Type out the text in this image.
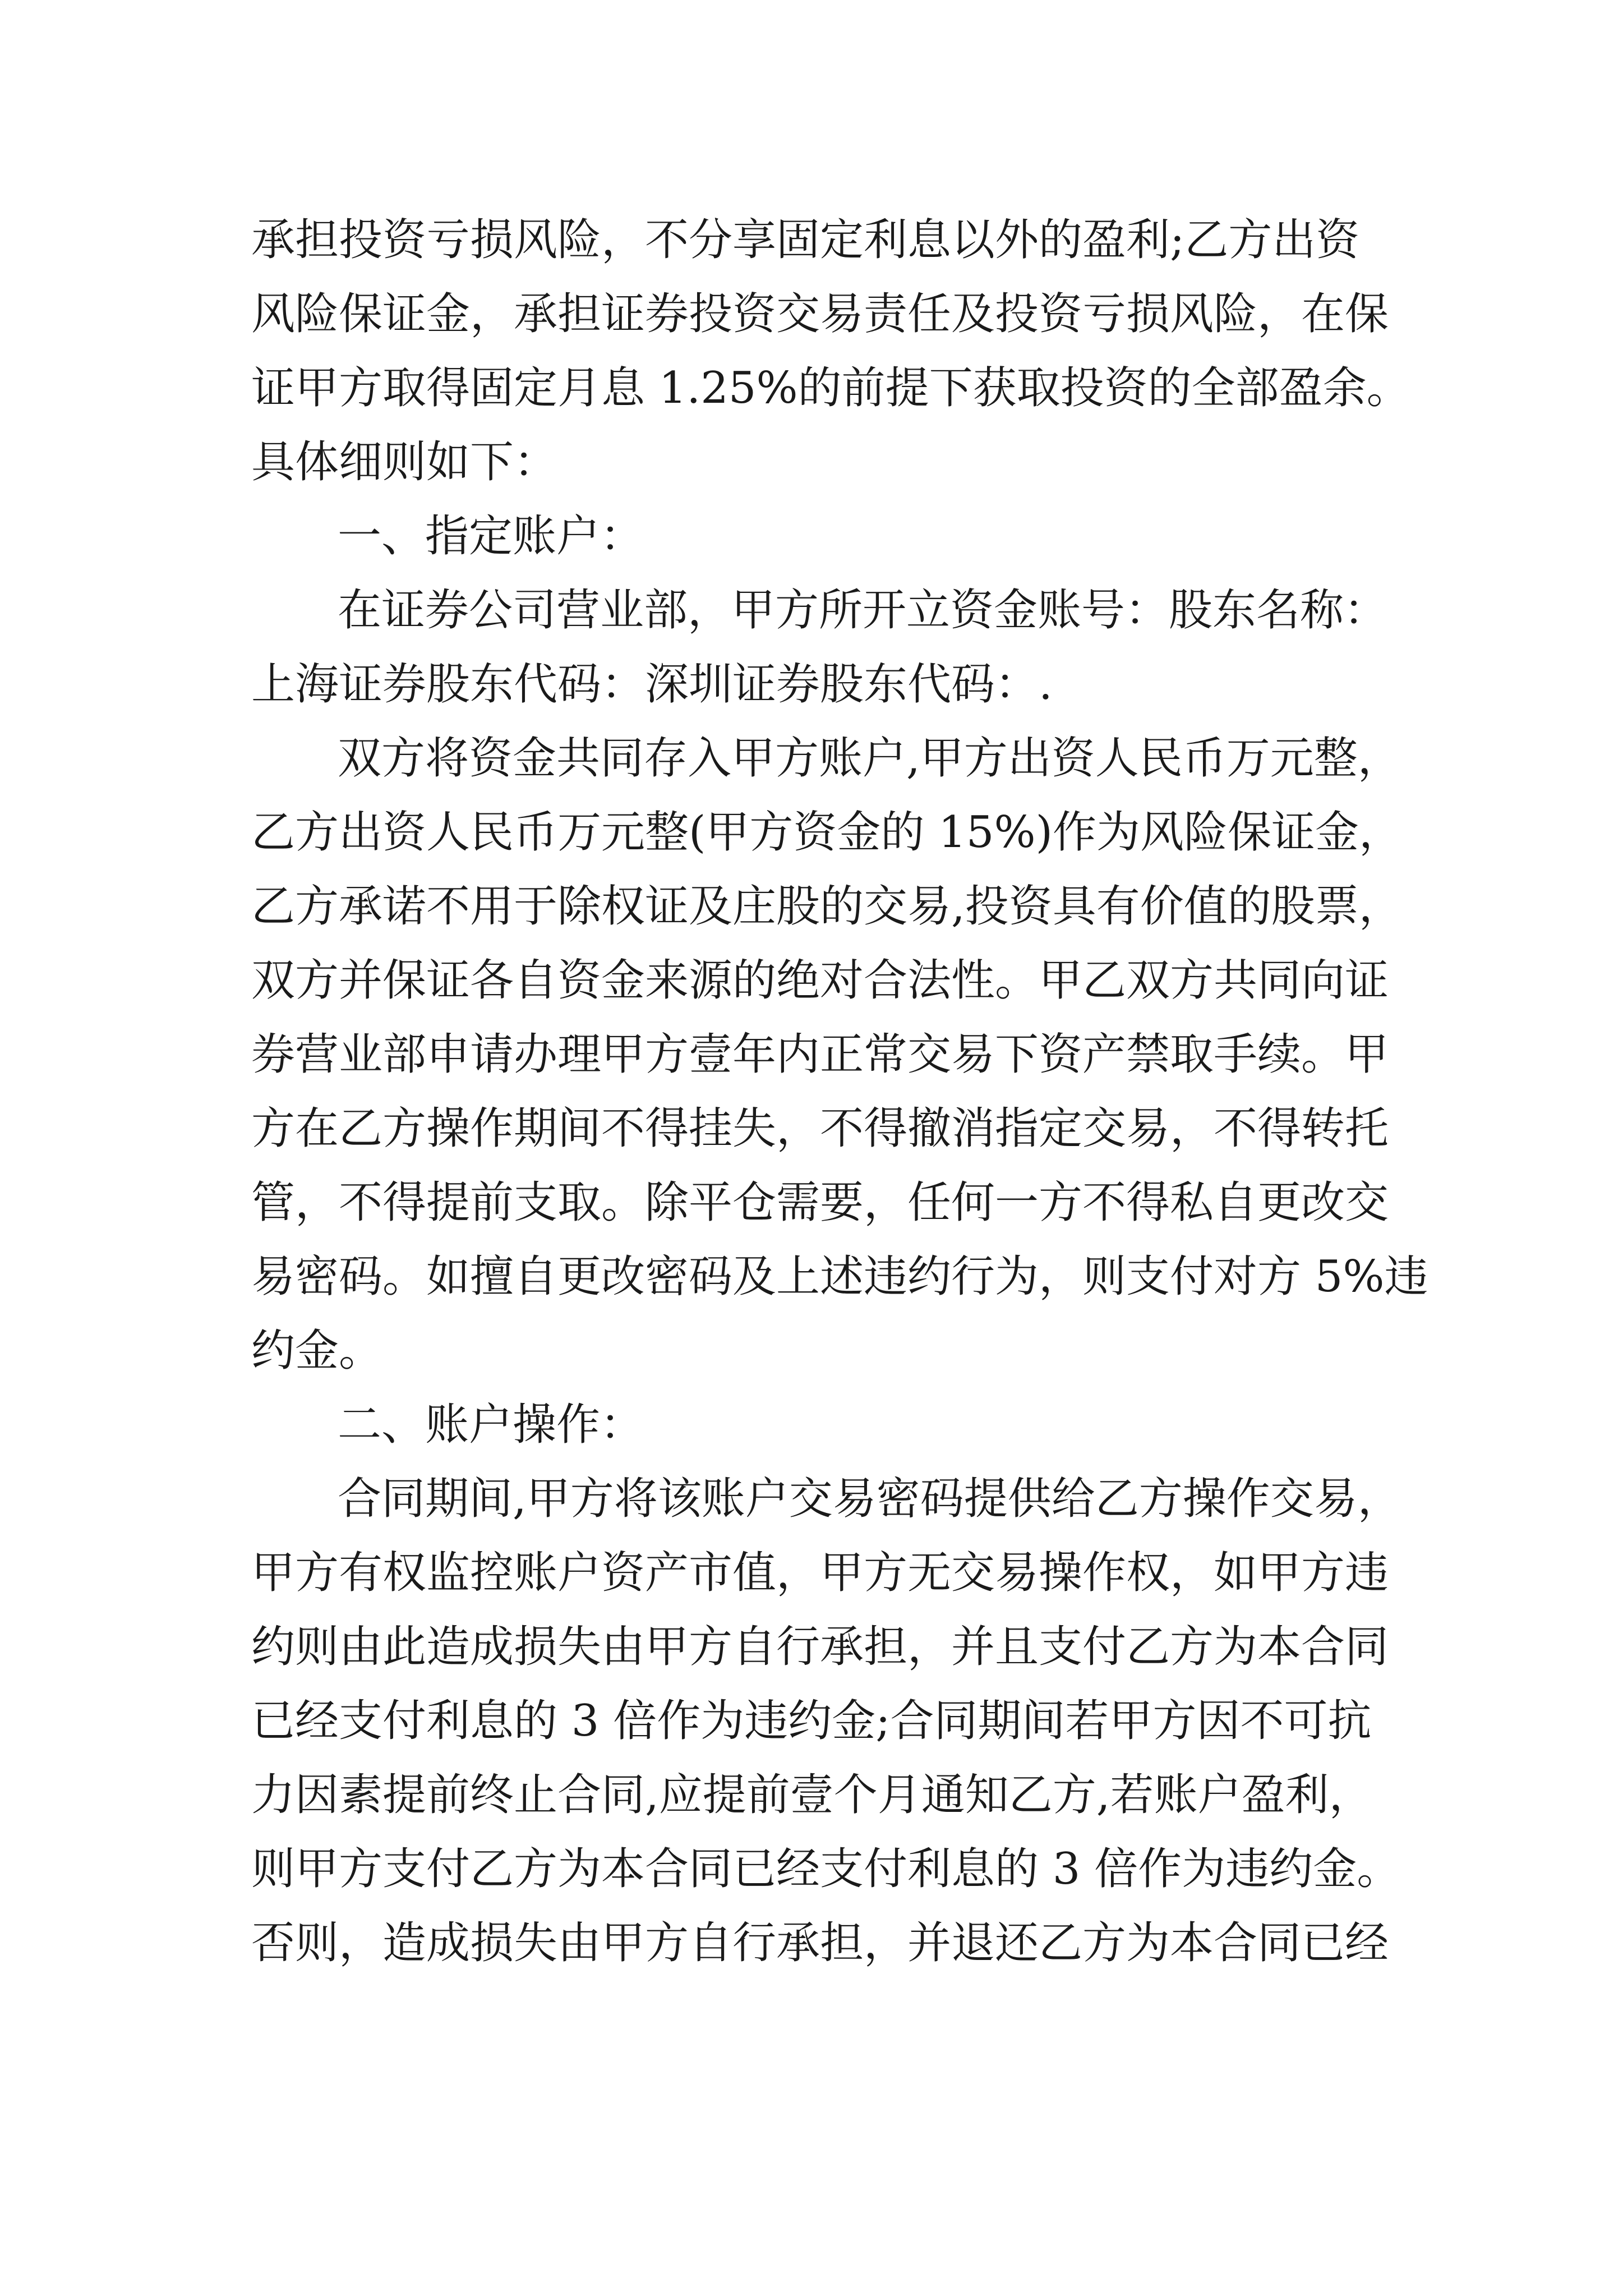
承担投资亏损风险，不分享固定利息以外的盈利;乙方出资
风险保证金，承担证券投资交易责任及投资亏损风险，在保
证甲方取得固定月息 1.25%的前提下获取投资的全部盈余。
具体细则如下：
一、指定账户：
在证券公司营业部，甲方所开立资金账号：股东名称：
上海证券股东代码：深圳证券股东代码：.
双方将资金共同存入甲方账户,甲方出资人民币万元整，
乙方出资人民币万元整(甲方资金的 15%)作为风险保证金，
乙方承诺不用于除权证及庄股的交易,投资具有价值的股票，
双方并保证各自资金来源的绝对合法性。甲乙双方共同向证
券营业部申请办理甲方壹年内正常交易下资产禁取手续。甲
方在乙方操作期间不得挂失，不得撤消指定交易，不得转托
管，不得提前支取。除平仓需要，任何一方不得私自更改交
易密码。如擅自更改密码及上述违约行为，则支付对方 5%违
约金。
二、账户操作：
合同期间,甲方将该账户交易密码提供给乙方操作交易，
甲方有权监控账户资产市值，甲方无交易操作权，如甲方违
约则由此造成损失由甲方自行承担，并且支付乙方为本合同
已经支付利息的 3 倍作为违约金;合同期间若甲方因不可抗
力因素提前终止合同,应提前壹个月通知乙方,若账户盈利，
则甲方支付乙方为本合同已经支付利息的 3 倍作为违约金。
否则，造成损失由甲方自行承担，并退还乙方为本合同已经
